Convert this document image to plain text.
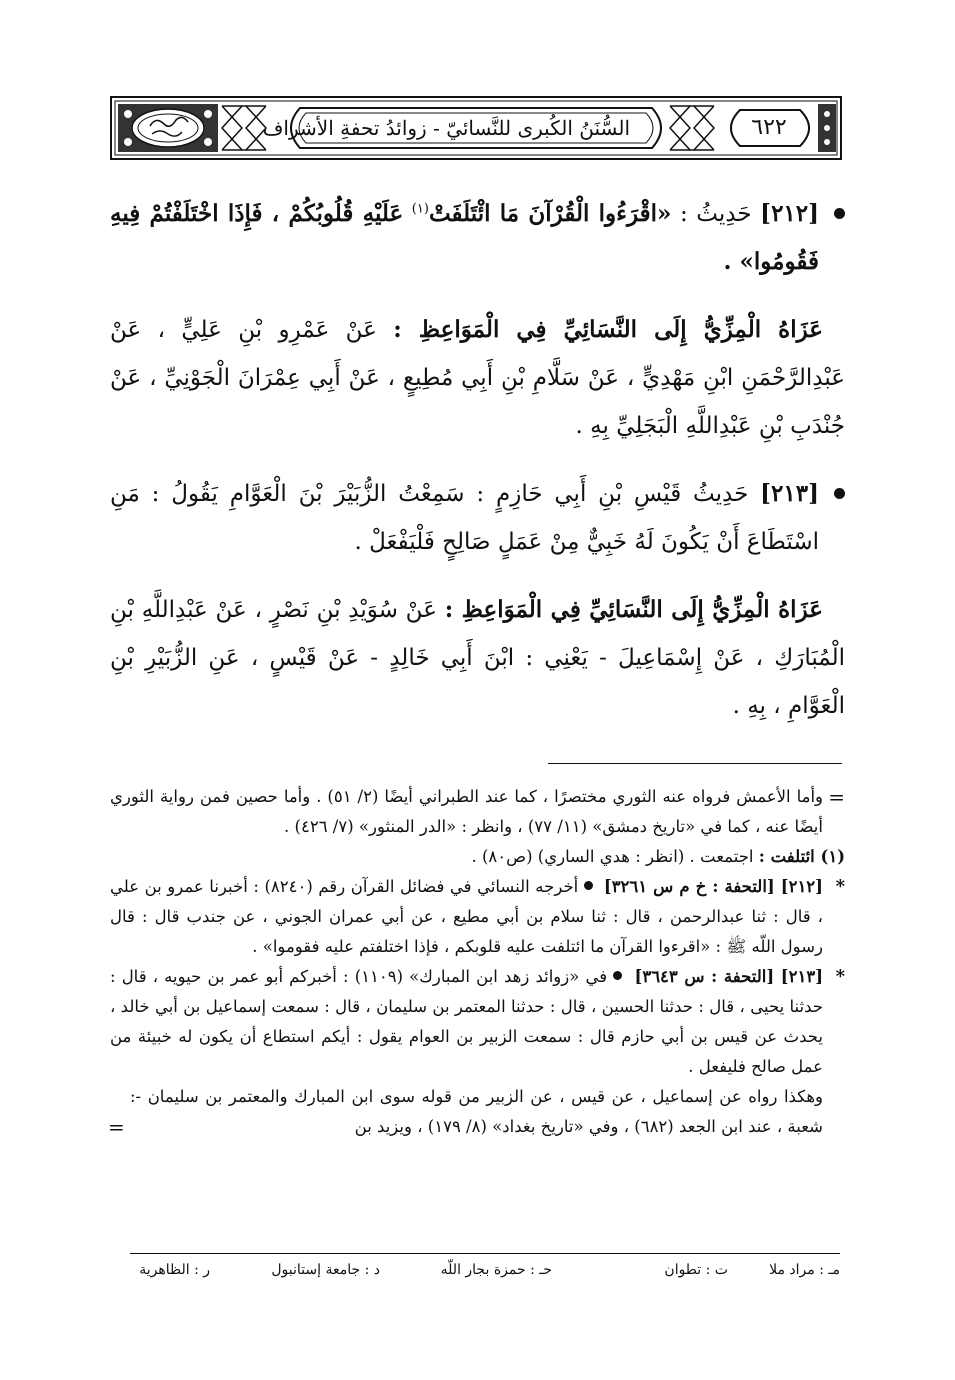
السُّنَنُ الكُبرى للنَّسائيّ - زوائدُ تحفةِ الأشراف	٦٢٢

[٢١٢] حَدِيثُ : «اقْرَءُوا الْقُرْآنَ مَا ائْتَلَفَتْ$^{(١)}$ عَلَيْهِ قُلُوبُكُمْ ، فَإِذَا اخْتَلَفْتُمْ فِيهِ فَقُومُوا» .

عَزَاهُ الْمِزِّيُّ إِلَى النَّسَائِيِّ فِي الْمَوَاعِظِ : عَنْ عَمْرِو بْنِ عَلِيٍّ ، عَنْ عَبْدِالرَّحْمَنِ ابْنِ مَهْدِيٍّ ، عَنْ سَلَّامِ بْنِ أَبِي مُطِيعٍ ، عَنْ أَبِي عِمْرَانَ الْجَوْنِيِّ ، عَنْ جُنْدَبِ بْنِ عَبْدِاللَّهِ الْبَجَلِيِّ بِهِ .

[٢١٣] حَدِيثُ قَيْسِ بْنِ أَبِي حَازِمٍ : سَمِعْتُ الزُّبَيْرَ بْنَ الْعَوَّامِ يَقُولُ : مَنِ اسْتَطَاعَ أَنْ يَكُونَ لَهُ خَبِيٌّ مِنْ عَمَلٍ صَالِحٍ فَلْيَفْعَلْ .

عَزَاهُ الْمِزِّيُّ إِلَى النَّسَائِيِّ فِي الْمَوَاعِظِ : عَنْ سُوَيْدِ بْنِ نَصْرٍ ، عَنْ عَبْدِاللَّهِ بْنِ الْمُبَارَكِ ، عَنْ إِسْمَاعِيلَ - يَعْنِي : ابْنَ أَبِي خَالِدٍ - عَنْ قَيْسٍ ، عَنِ الزُّبَيْرِ بْنِ الْعَوَّامِ ، بِهِ .

=
وأما الأعمش فرواه عنه الثوري مختصرًا ، كما عند الطبراني أيضًا (٢/ ٥١) . وأما حصين فمن رواية الثوري أيضًا عنه ، كما في «تاريخ دمشق» (١١/ ٧٧) ، وانظر : «الدر المنثور» (٧/ ٤٢٦) .

(١) ائتلفت : اجتمعت . (انظر : هدي الساري) (ص٨٠) .

*
[٢١٢] [التحفة : خ م س ٣٢٦١]   أخرجه النسائي في فضائل القرآن رقم (٨٢٤٠) : أخبرنا عمرو بن علي ، قال : ثنا عبدالرحمن ، قال : ثنا سلام بن أبي مطيع ، عن أبي عمران الجوني ، عن جندب قال : قال رسول اللّه ﷺ : «اقرءوا القرآن ما ائتلفت عليه قلوبكم ، فإذا اختلفتم عليه فقوموا» .

*
[٢١٣] [التحفة : س ٣٦٤٣]   في «زوائد زهد ابن المبارك» (١١٠٩) : أخبركم أبو عمر بن حيويه ، قال : حدثنا يحيى ، قال : حدثنا الحسين ، قال : حدثنا المعتمر بن سليمان ، قال : سمعت إسماعيل بن أبي خالد ، يحدث عن قيس بن أبي حازم قال : سمعت الزبير بن العوام يقول : أيكم استطاع أن يكون له خبيئة من عمل صالح فليفعل .

وهكذا رواه عن إسماعيل ، عن قيس ، عن الزبير من قوله سوى ابن المبارك والمعتمر بن سليمان -: شعبة ، عند ابن الجعد (٦٨٢) ، وفي «تاريخ بغداد» (٨/ ١٧٩) ، ويزيد بن
=

مـ : مراد ملا
ت : تطوان
حـ : حمزة بجار اللّه
د : جامعة إستانبول
ر : الظاهرية
